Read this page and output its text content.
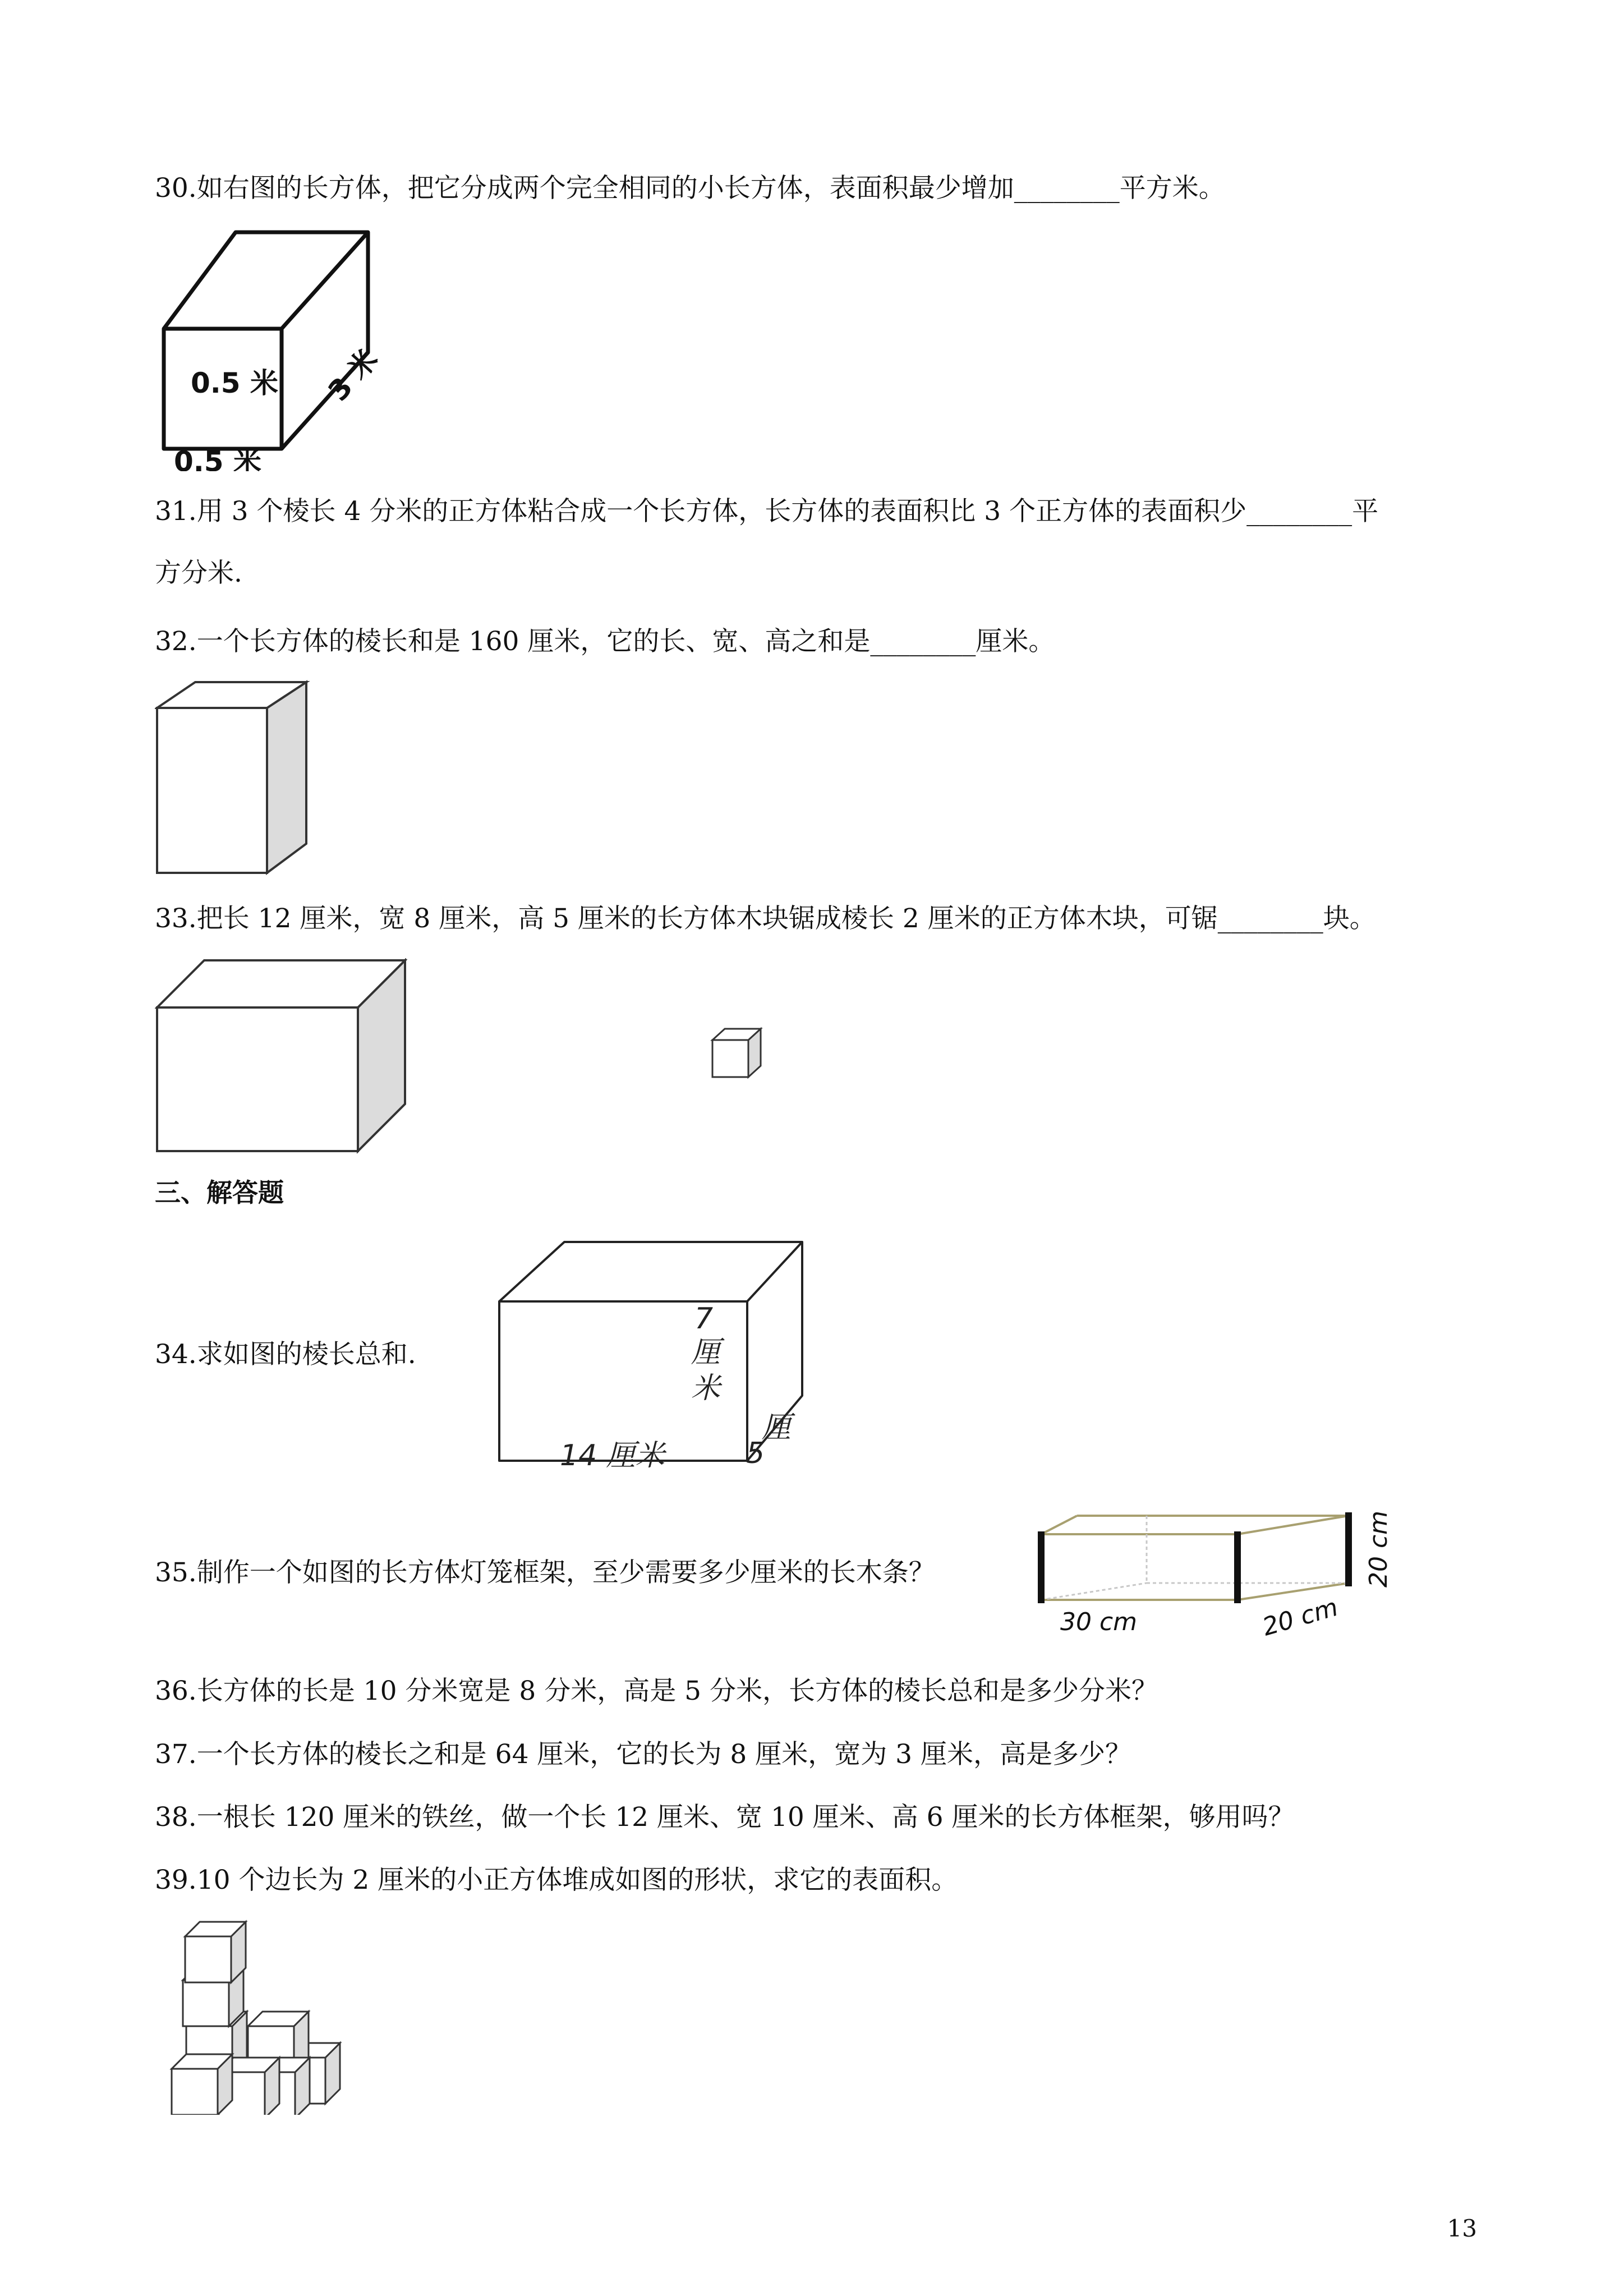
30.如右图的长方体，把它分成两个完全相同的小长方体，表面积最少增加________平方米。
0.5 米 3 米
0.5 米
31.用 3 个棱长 4 分米的正方体粘合成一个长方体，长方体的表面积比 3 个正方体的表面积少________平
方分米.
32.一个长方体的棱长和是 160 厘米，它的长、宽、高之和是________厘米。
33.把长 12 厘米，宽 8 厘米，高 5 厘米的长方体木块锯成棱长 2 厘米的正方体木块，可锯________块。
三、解答题
34.求如图的棱长总和.
7
厘
米
厘
5
14 厘米
35.制作一个如图的长方体灯笼框架，至少需要多少厘米的长木条？
30 cm	20 cm
20 cm
36.长方体的长是 10 分米宽是 8 分米，高是 5 分米，长方体的棱长总和是多少分米？
37.一个长方体的棱长之和是 64 厘米，它的长为 8 厘米，宽为 3 厘米，高是多少？
38.一根长 120 厘米的铁丝，做一个长 12 厘米、宽 10 厘米、高 6 厘米的长方体框架，够用吗？
39.10 个边长为 2 厘米的小正方体堆成如图的形状，求它的表面积。
13
